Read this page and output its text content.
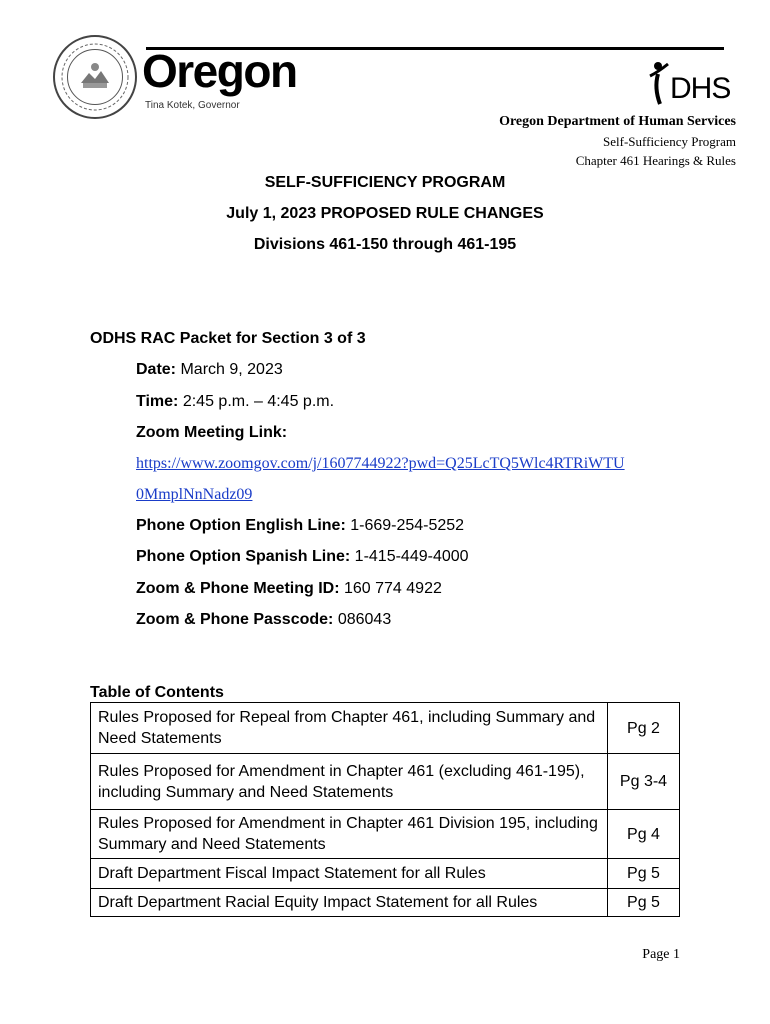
Oregon
Tina Kotek, Governor
DHS
Oregon Department of Human Services
Self-Sufficiency Program
Chapter 461 Hearings & Rules
SELF-SUFFICIENCY PROGRAM
July 1, 2023 PROPOSED RULE CHANGES
Divisions 461-150 through 461-195
ODHS RAC Packet for Section 3 of 3
Date: March 9, 2023
Time: 2:45 p.m. – 4:45 p.m.
Zoom Meeting Link:
https://www.zoomgov.com/j/1607744922?pwd=Q25LcTQ5Wlc4RTRiWTU
0MmplNnNadz09
Phone Option English Line: 1-669-254-5252
Phone Option Spanish Line: 1-415-449-4000
Zoom & Phone Meeting ID: 160 774 4922
Zoom & Phone Passcode: 086043
Table of Contents
Rules Proposed for Repeal from Chapter 461, including Summary and Need Statements	Pg 2
Rules Proposed for Amendment in Chapter 461 (excluding 461-195), including Summary and Need Statements	Pg 3-4
Rules Proposed for Amendment in Chapter 461 Division 195, including Summary and Need Statements	Pg 4
Draft Department Fiscal Impact Statement for all Rules	Pg 5
Draft Department Racial Equity Impact Statement for all Rules	Pg 5
Page 1
